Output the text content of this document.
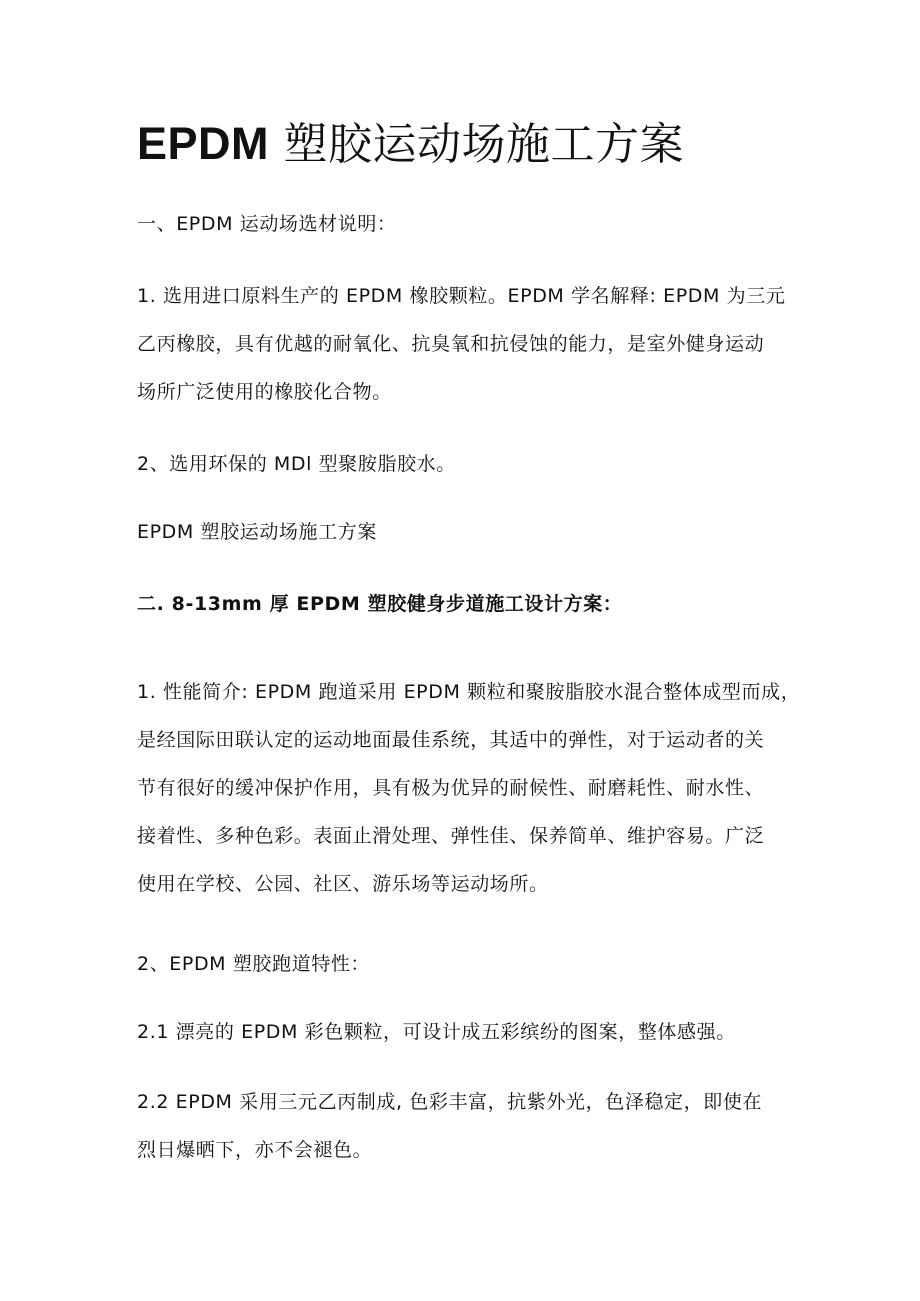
EPDM 塑胶运动场施工方案

一、EPDM 运动场选材说明：

1. 选用进口原料生产的 EPDM 橡胶颗粒。EPDM 学名解释: EPDM 为三元
乙丙橡胶，具有优越的耐氧化、抗臭氧和抗侵蚀的能力，是室外健身运动
场所广泛使用的橡胶化合物。

2、选用环保的 MDl 型聚胺脂胶水。

EPDM 塑胶运动场施工方案

二. 8-13mm 厚 EPDM 塑胶健身步道施工设计方案：

1. 性能简介: EPDM 跑道采用 EPDM 颗粒和聚胺脂胶水混合整体成型而成，
是经国际田联认定的运动地面最佳系统，其适中的弹性，对于运动者的关
节有很好的缓冲保护作用，具有极为优异的耐候性、耐磨耗性、耐水性、
接着性、多种色彩。表面止滑处理、弹性佳、保养简单、维护容易。广泛
使用在学校、公园、社区、游乐场等运动场所。

2、EPDM 塑胶跑道特性：

2.1 漂亮的 EPDM 彩色颗粒，可设计成五彩缤纷的图案，整体感强。

2.2 EPDM 采用三元乙丙制成, 色彩丰富，抗紫外光，色泽稳定，即使在
烈日爆晒下，亦不会褪色。
